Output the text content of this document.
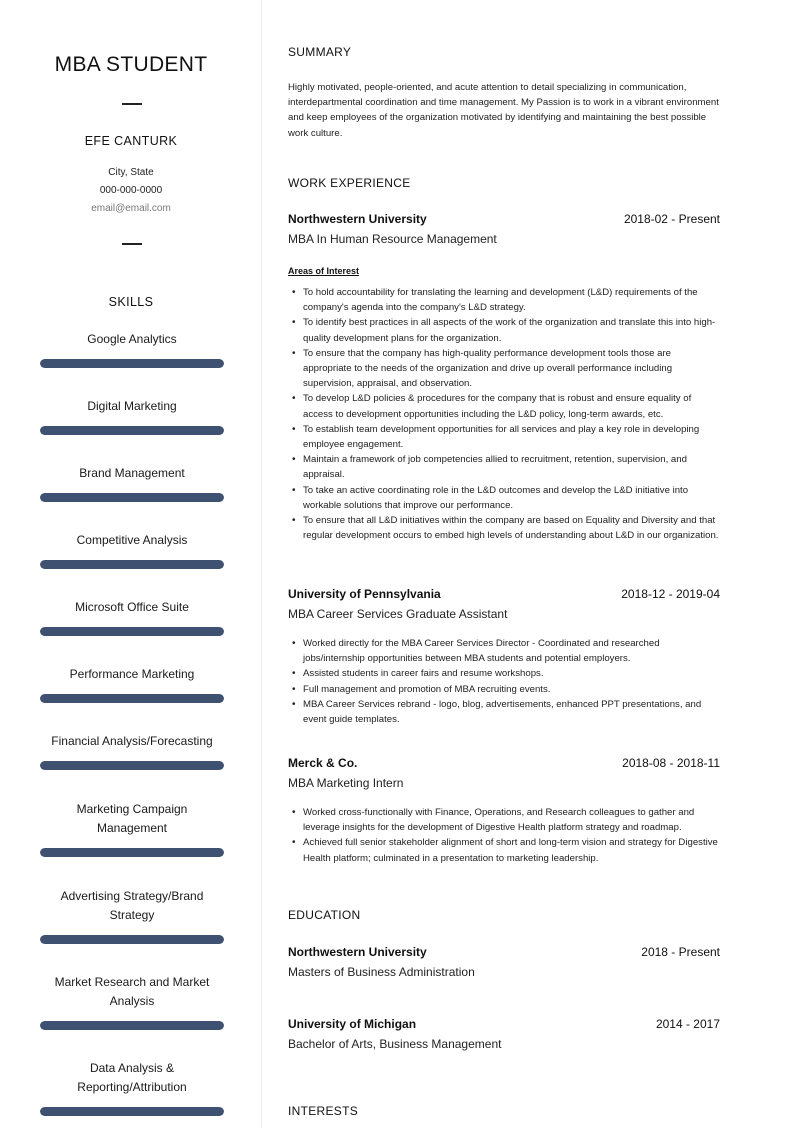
MBA STUDENT
EFE CANTURK
City, State
000-000-0000
email@email.com
SKILLS
Google Analytics
Digital Marketing
Brand Management
Competitive Analysis
Microsoft Office Suite
Performance Marketing
Financial Analysis/Forecasting
Marketing Campaign Management
Advertising Strategy/Brand Strategy
Market Research and Market Analysis
Data Analysis & Reporting/Attribution
SUMMARY
Highly motivated, people-oriented, and acute attention to detail specializing in communication, interdepartmental coordination and time management. My Passion is to work in a vibrant environment and keep employees of the organization motivated by identifying and maintaining the best possible work culture.
WORK EXPERIENCE
Northwestern University	2018-02 - Present
MBA In Human Resource Management
Areas of Interest
• To hold accountability for translating the learning and development (L&D) requirements of the company's agenda into the company's L&D strategy.
• To identify best practices in all aspects of the work of the organization and translate this into high-quality development plans for the organization.
• To ensure that the company has high-quality performance development tools those are appropriate to the needs of the organization and drive up overall performance including supervision, appraisal, and observation.
• To develop L&D policies & procedures for the company that is robust and ensure equality of access to development opportunities including the L&D policy, long-term awards, etc.
• To establish team development opportunities for all services and play a key role in developing employee engagement.
• Maintain a framework of job competencies allied to recruitment, retention, supervision, and appraisal.
• To take an active coordinating role in the L&D outcomes and develop the L&D initiative into workable solutions that improve our performance.
• To ensure that all L&D initiatives within the company are based on Equality and Diversity and that regular development occurs to embed high levels of understanding about L&D in our organization.
University of Pennsylvania	2018-12 - 2019-04
MBA Career Services Graduate Assistant
• Worked directly for the MBA Career Services Director - Coordinated and researched jobs/internship opportunities between MBA students and potential employers.
• Assisted students in career fairs and resume workshops.
• Full management and promotion of MBA recruiting events.
• MBA Career Services rebrand - logo, blog, advertisements, enhanced PPT presentations, and event guide templates.
Merck & Co.	2018-08 - 2018-11
MBA Marketing Intern
• Worked cross-functionally with Finance, Operations, and Research colleagues to gather and leverage insights for the development of Digestive Health platform strategy and roadmap.
• Achieved full senior stakeholder alignment of short and long-term vision and strategy for Digestive Health platform; culminated in a presentation to marketing leadership.
EDUCATION
Northwestern University	2018 - Present
Masters of Business Administration
University of Michigan	2014 - 2017
Bachelor of Arts, Business Management
INTERESTS
